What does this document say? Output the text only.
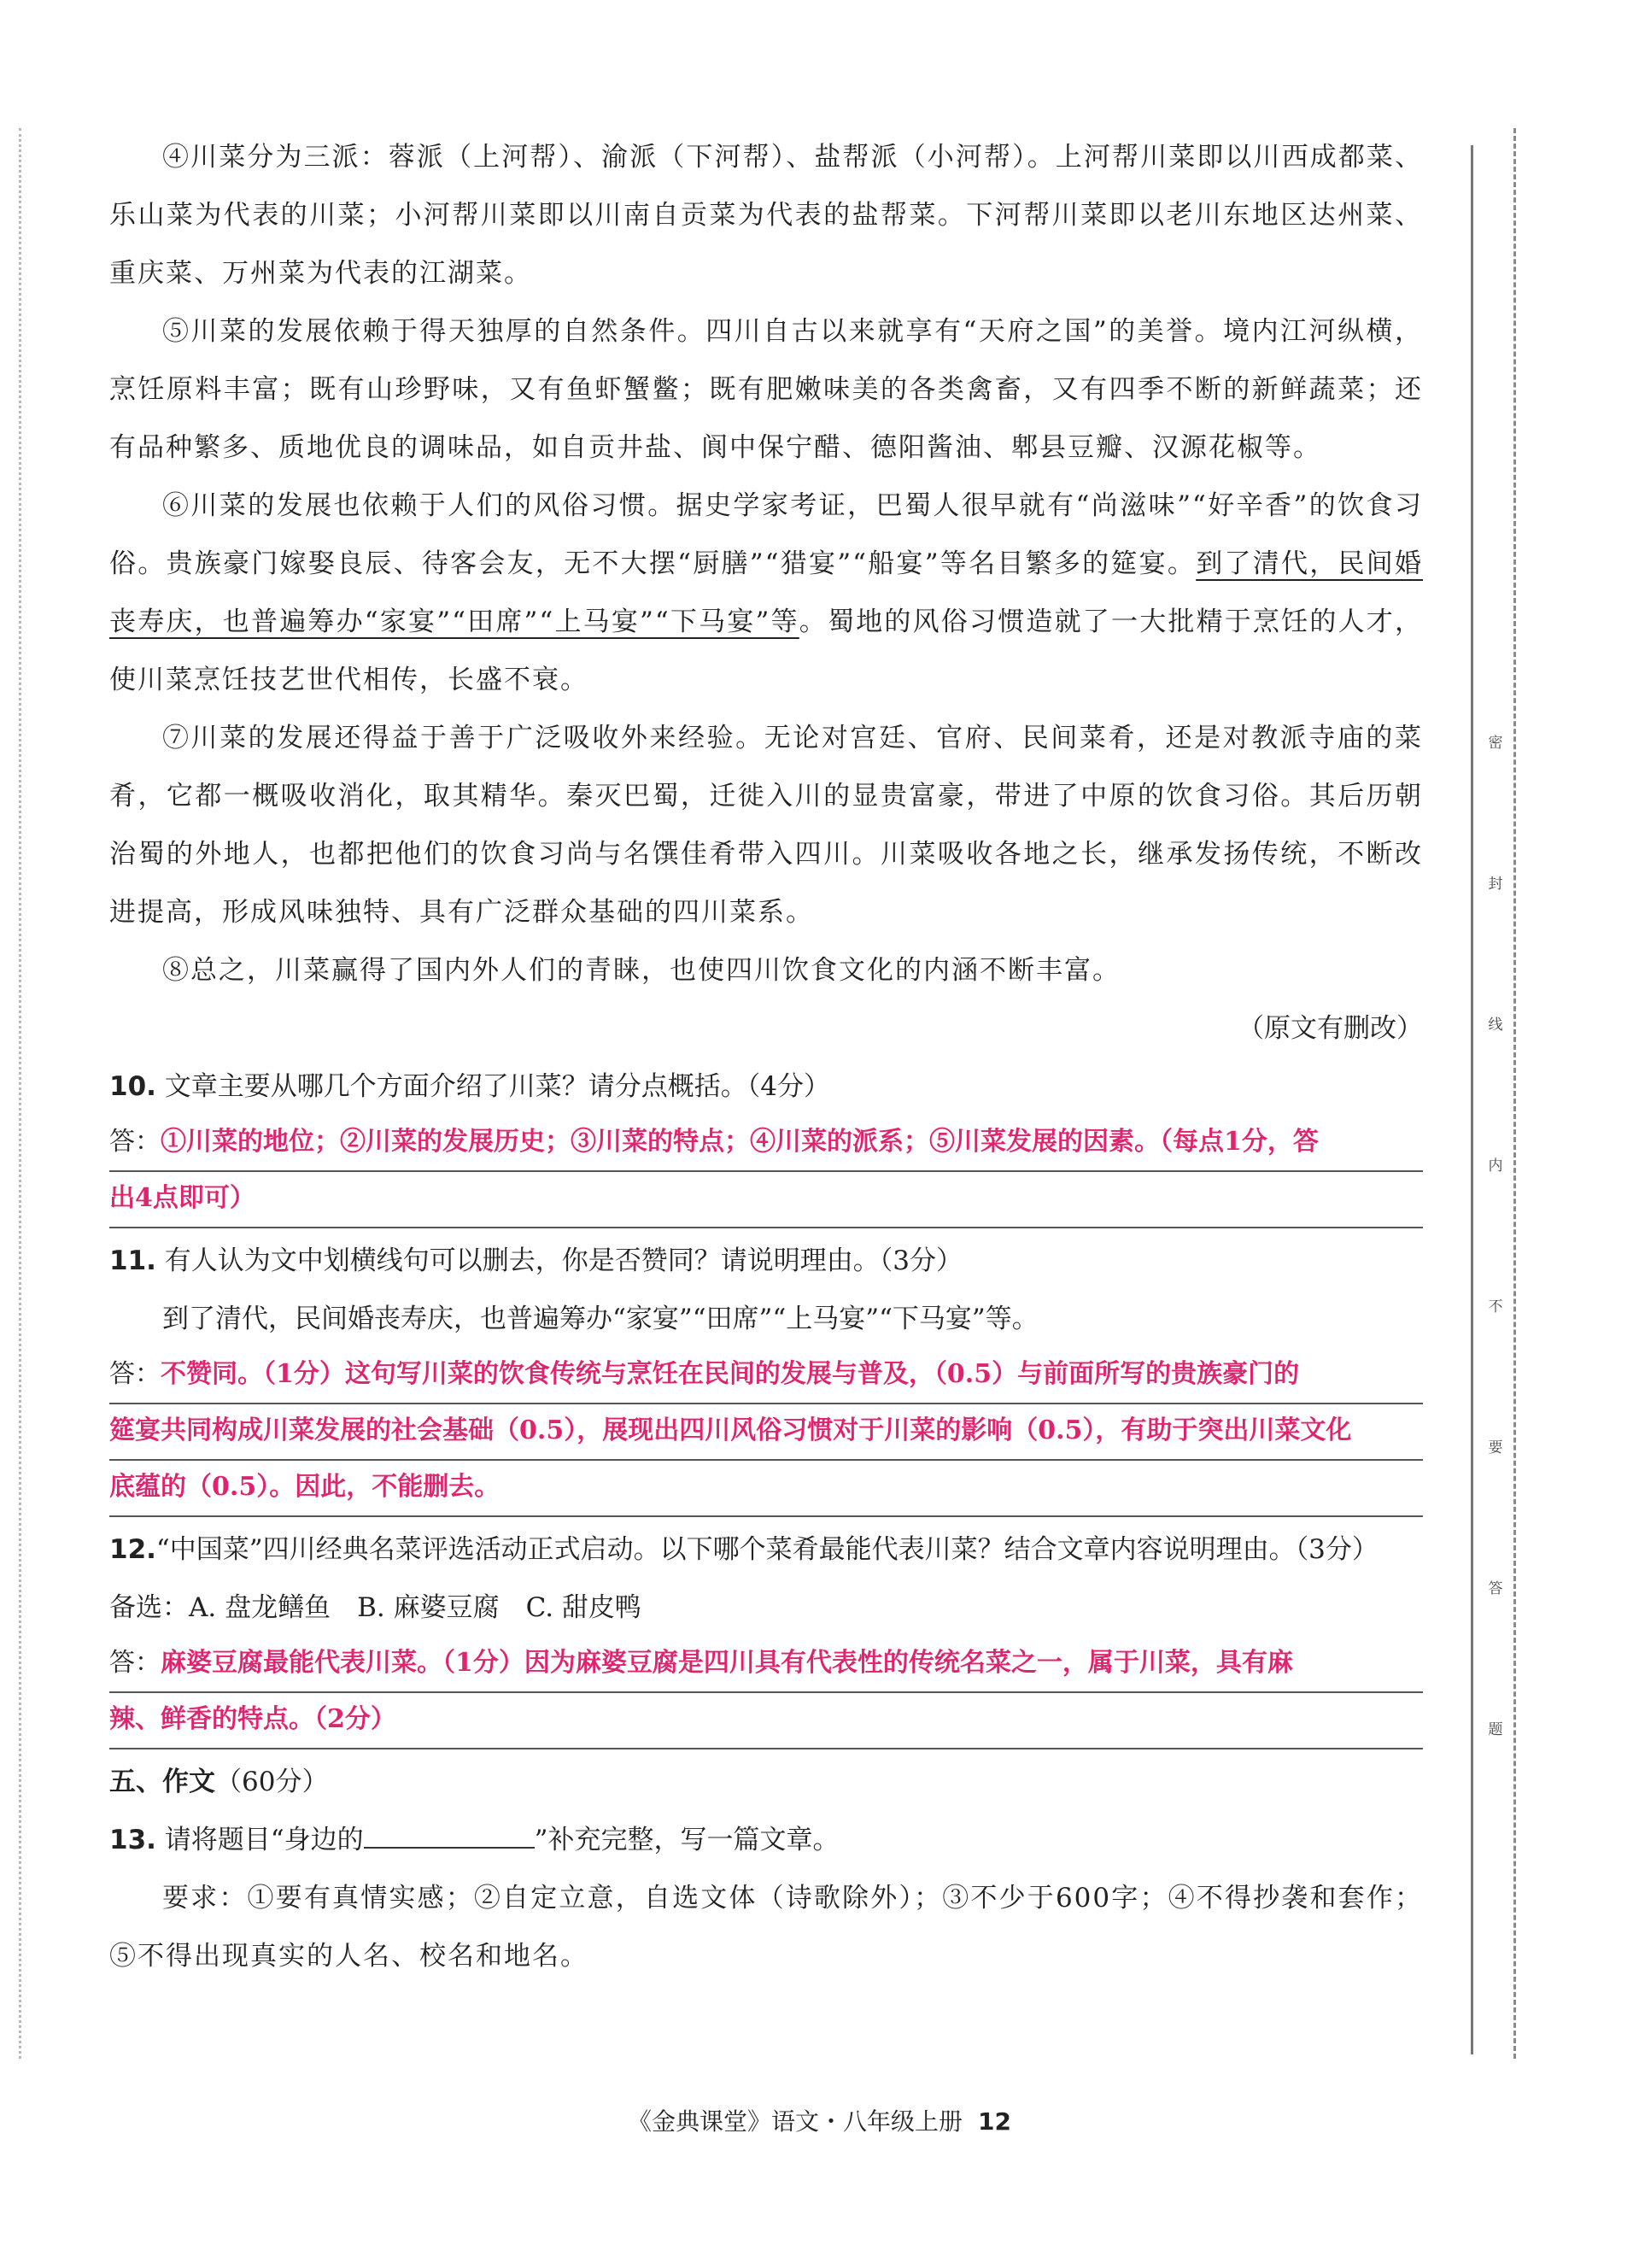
密
封
线
内
不
要
答
题

④川菜分为三派：蓉派（上河帮）、渝派（下河帮）、盐帮派（小河帮）。上河帮川菜即以川西成都菜、乐山菜为代表的川菜；小河帮川菜即以川南自贡菜为代表的盐帮菜。下河帮川菜即以老川东地区达州菜、重庆菜、万州菜为代表的江湖菜。

⑤川菜的发展依赖于得天独厚的自然条件。四川自古以来就享有“天府之国”的美誉。境内江河纵横，烹饪原料丰富；既有山珍野味，又有鱼虾蟹鳖；既有肥嫩味美的各类禽畜，又有四季不断的新鲜蔬菜；还有品种繁多、质地优良的调味品，如自贡井盐、阆中保宁醋、德阳酱油、郫县豆瓣、汉源花椒等。

⑥川菜的发展也依赖于人们的风俗习惯。据史学家考证，巴蜀人很早就有“尚滋味”“好辛香”的饮食习俗。贵族豪门嫁娶良辰、待客会友，无不大摆“厨膳”“猎宴”“船宴”等名目繁多的筵宴。到了清代，民间婚丧寿庆，也普遍筹办“家宴”“田席”“上马宴”“下马宴”等。蜀地的风俗习惯造就了一大批精于烹饪的人才，使川菜烹饪技艺世代相传，长盛不衰。

⑦川菜的发展还得益于善于广泛吸收外来经验。无论对宫廷、官府、民间菜肴，还是对教派寺庙的菜肴，它都一概吸收消化，取其精华。秦灭巴蜀，迁徙入川的显贵富豪，带进了中原的饮食习俗。其后历朝治蜀的外地人，也都把他们的饮食习尚与名馔佳肴带入四川。川菜吸收各地之长，继承发扬传统，不断改进提高，形成风味独特、具有广泛群众基础的四川菜系。

⑧总之，川菜赢得了国内外人们的青睐，也使四川饮食文化的内涵不断丰富。

（原文有删改）

10. 文章主要从哪几个方面介绍了川菜？请分点概括。（4分）

答：①川菜的地位；②川菜的发展历史；③川菜的特点；④川菜的派系；⑤川菜发展的因素。（每点1分，答
出4点即可）

11. 有人认为文中划横线句可以删去，你是否赞同？请说明理由。（3分）

到了清代，民间婚丧寿庆，也普遍筹办“家宴”“田席”“上马宴”“下马宴”等。

答：不赞同。（1分）这句写川菜的饮食传统与烹饪在民间的发展与普及，（0.5）与前面所写的贵族豪门的
筵宴共同构成川菜发展的社会基础（0.5），展现出四川风俗习惯对于川菜的影响（0.5），有助于突出川菜文化
底蕴的（0.5）。因此，不能删去。

12.“中国菜”四川经典名菜评选活动正式启动。以下哪个菜肴最能代表川菜？结合文章内容说明理由。（3分）

备选：A. 盘龙鳝鱼　B. 麻婆豆腐　C. 甜皮鸭

答：麻婆豆腐最能代表川菜。（1分）因为麻婆豆腐是四川具有代表性的传统名菜之一，属于川菜，具有麻
辣、鲜香的特点。（2分）

五、作文（60分）

13. 请将题目“身边的	”补充完整，写一篇文章。

要求：①要有真情实感；②自定立意，自选文体（诗歌除外）；③不少于600字；④不得抄袭和套作；⑤不得出现真实的人名、校名和地名。

《金典课堂》语文・八年级上册 12
